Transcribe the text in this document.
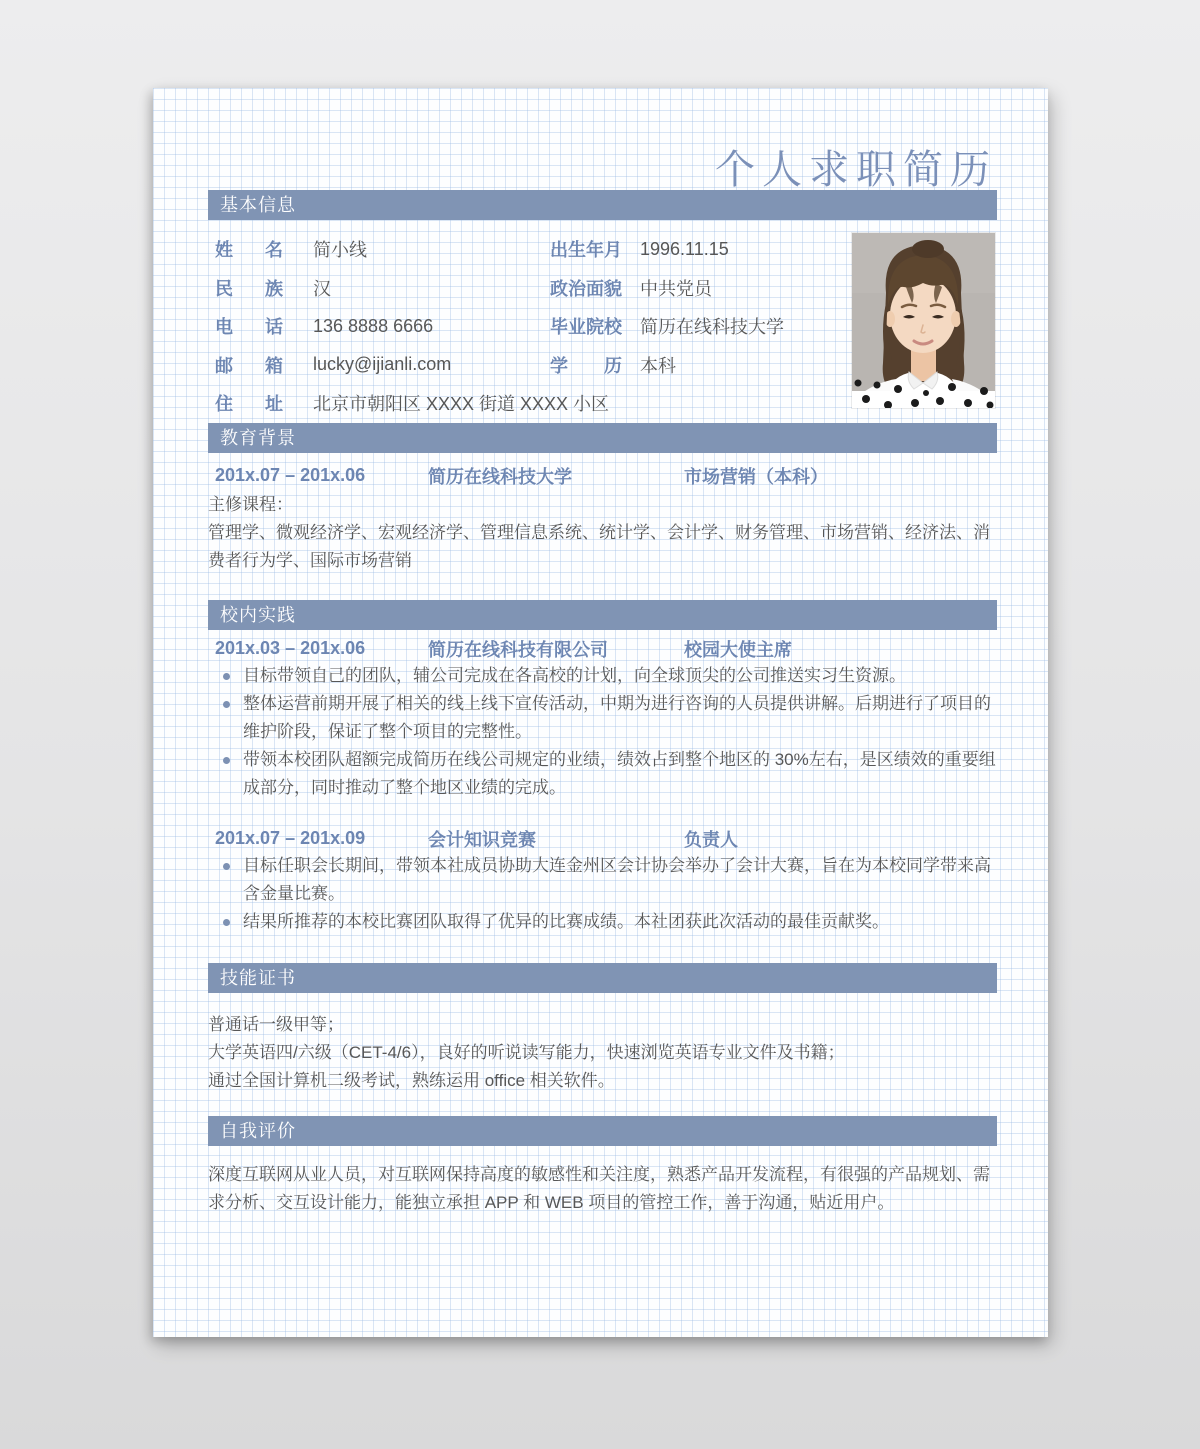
个人求职简历
基本信息
姓名 简小线	出生年月 1996.11.15
民族 汉	政治面貌 中共党员
电话 136 8888 6666	毕业院校 简历在线科技大学
邮箱 lucky@ijianli.com	学历 本科
住址 北京市朝阳区 XXXX 街道 XXXX 小区
教育背景
201x.07 – 201x.06	简历在线科技大学	市场营销（本科）
主修课程：
管理学、微观经济学、宏观经济学、管理信息系统、统计学、会计学、财务管理、市场营销、经济法、消费者行为学、国际市场营销
校内实践
201x.03 – 201x.06	简历在线科技有限公司	校园大使主席
目标带领自己的团队，辅公司完成在各高校的计划，向全球顶尖的公司推送实习生资源。
整体运营前期开展了相关的线上线下宣传活动，中期为进行咨询的人员提供讲解。后期进行了项目的维护阶段，保证了整个项目的完整性。
带领本校团队超额完成简历在线公司规定的业绩，绩效占到整个地区的 30%左右，是区绩效的重要组成部分，同时推动了整个地区业绩的完成。
201x.07 – 201x.09	会计知识竞赛	负责人
目标任职会长期间，带领本社成员协助大连金州区会计协会举办了会计大赛，旨在为本校同学带来高含金量比赛。
结果所推荐的本校比赛团队取得了优异的比赛成绩。本社团获此次活动的最佳贡献奖。
技能证书
普通话一级甲等；
大学英语四/六级（CET-4/6），良好的听说读写能力，快速浏览英语专业文件及书籍；
通过全国计算机二级考试，熟练运用 office 相关软件。
自我评价
深度互联网从业人员，对互联网保持高度的敏感性和关注度，熟悉产品开发流程，有很强的产品规划、需求分析、交互设计能力，能独立承担 APP 和 WEB 项目的管控工作，善于沟通，贴近用户。
